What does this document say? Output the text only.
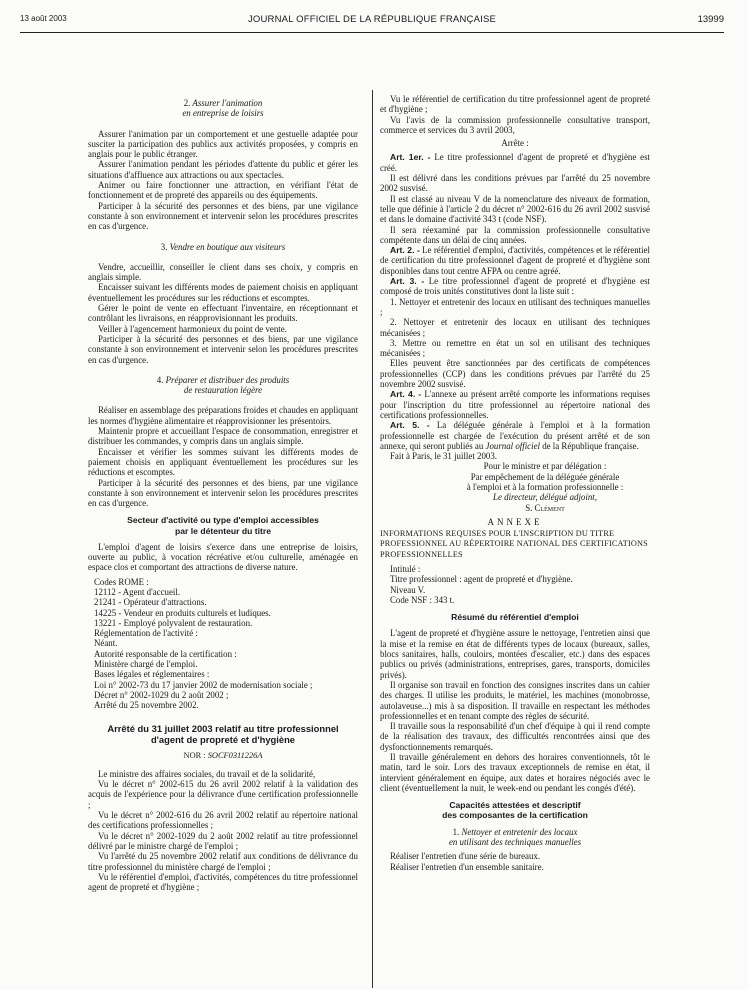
13 août 2003	JOURNAL OFFICIEL DE LA RÉPUBLIQUE FRANÇAISE	13999
2. Assurer l'animation
en entreprise de loisirs

Assurer l'animation par un comportement et une gestuelle adaptée pour susciter la participation des publics aux activités proposées, y compris en anglais pour le public étranger.

Assurer l'animation pendant les périodes d'attente du public et gérer les situations d'affluence aux attractions ou aux spectacles.

Animer ou faire fonctionner une attraction, en vérifiant l'état de fonctionnement et de propreté des appareils ou des équipements.

Participer à la sécurité des personnes et des biens, par une vigilance constante à son environnement et intervenir selon les procédures prescrites en cas d'urgence.

3. Vendre en boutique aux visiteurs

Vendre, accueillir, conseiller le client dans ses choix, y compris en anglais simple.

Encaisser suivant les différents modes de paiement choisis en appliquant éventuellement les procédures sur les réductions et escomptes.

Gérer le point de vente en effectuant l'inventaire, en réceptionnant et contrôlant les livraisons, en réapprovisionnant les produits.

Veiller à l'agencement harmonieux du point de vente.

Participer à la sécurité des personnes et des biens, par une vigilance constante à son environnement et intervenir selon les procédures prescrites en cas d'urgence.

4. Préparer et distribuer des produits
de restauration légère

Réaliser en assemblage des préparations froides et chaudes en appliquant les normes d'hygiène alimentaire et réapprovisionner les présentoirs.

Maintenir propre et accueillant l'espace de consommation, enregistrer et distribuer les commandes, y compris dans un anglais simple.

Encaisser et vérifier les sommes suivant les différents modes de paiement choisis en appliquant éventuellement les procédures sur les réductions et escomptes.

Participer à la sécurité des personnes et des biens, par une vigilance constante à son environnement et intervenir selon les procédures prescrites en cas d'urgence.

Secteur d'activité ou type d'emploi accessibles
par le détenteur du titre

L'emploi d'agent de loisirs s'exerce dans une entreprise de loisirs, ouverte au public, à vocation récréative et/ou culturelle, aménagée en espace clos et comportant des attractions de diverse nature.

Codes ROME :

12112 - Agent d'accueil.

21241 - Opérateur d'attractions.

14225 - Vendeur en produits culturels et ludiques.

13221 - Employé polyvalent de restauration.

Réglementation de l'activité :

Néant.

Autorité responsable de la certification :

Ministère chargé de l'emploi.

Bases légales et réglementaires :

Loi n° 2002-73 du 17 janvier 2002 de modernisation sociale ;

Décret n° 2002-1029 du 2 août 2002 ;

Arrêté du 25 novembre 2002.

Arrêté du 31 juillet 2003 relatif au titre professionnel
d'agent de propreté et d'hygiène
NOR : SOCF0311226A

Le ministre des affaires sociales, du travail et de la solidarité,

Vu le décret n° 2002-615 du 26 avril 2002 relatif à la validation des acquis de l'expérience pour la délivrance d'une certification professionnelle ;

Vu le décret n° 2002-616 du 26 avril 2002 relatif au répertoire national des certifications professionnelles ;

Vu le décret n° 2002-1029 du 2 août 2002 relatif au titre professionnel délivré par le ministre chargé de l'emploi ;

Vu l'arrêté du 25 novembre 2002 relatif aux conditions de délivrance du titre professionnel du ministère chargé de l'emploi ;

Vu le référentiel d'emploi, d'activités, compétences du titre professionnel agent de propreté et d'hygiène ;

Vu le référentiel de certification du titre professionnel agent de propreté et d'hygiène ;

Vu l'avis de la commission professionnelle consultative transport, commerce et services du 3 avril 2003,

Arrête :

Art. 1er. - Le titre professionnel d'agent de propreté et d'hygiène est créé.

Il est délivré dans les conditions prévues par l'arrêté du 25 novembre 2002 susvisé.

Il est classé au niveau V de la nomenclature des niveaux de formation, telle que définie à l'article 2 du décret n° 2002-616 du 26 avril 2002 susvisé et dans le domaine d'activité 343 t (code NSF).

Il sera réexaminé par la commission professionnelle consultative compétente dans un délai de cinq années.

Art. 2. - Le référentiel d'emploi, d'activités, compétences et le référentiel de certification du titre professionnel d'agent de propreté et d'hygiène sont disponibles dans tout centre AFPA ou centre agréé.

Art. 3. - Le titre professionnel d'agent de propreté et d'hygiène est composé de trois unités constitutives dont la liste suit :

1. Nettoyer et entretenir des locaux en utilisant des techniques manuelles ;

2. Nettoyer et entretenir des locaux en utilisant des techniques mécanisées ;

3. Mettre ou remettre en état un sol en utilisant des techniques mécanisées ;

Elles peuvent être sanctionnées par des certificats de compétences professionnelles (CCP) dans les conditions prévues par l'arrêté du 25 novembre 2002 susvisé.

Art. 4. - L'annexe au présent arrêté comporte les informations requises pour l'inscription du titre professionnel au répertoire national des certifications professionnelles.

Art. 5. - La déléguée générale à l'emploi et à la formation professionnelle est chargée de l'exécution du présent arrêté et de son annexe, qui seront publiés au Journal officiel de la République française.

Fait à Paris, le 31 juillet 2003.

Pour le ministre et par délégation :
Par empêchement de la déléguée générale
à l'emploi et à la formation professionnelle :
Le directeur, délégué adjoint,
S. Clément
ANNEXE

INFORMATIONS REQUISES POUR L'INSCRIPTION DU TITRE PROFESSIONNEL AU RÉPERTOIRE NATIONAL DES CERTIFICATIONS PROFESSIONNELLES

Intitulé :

Titre professionnel : agent de propreté et d'hygiène.

Niveau V.

Code NSF : 343 t.

Résumé du référentiel d'emploi

L'agent de propreté et d'hygiène assure le nettoyage, l'entretien ainsi que la mise et la remise en état de différents types de locaux (bureaux, salles, blocs sanitaires, halls, couloirs, montées d'escalier, etc.) dans des espaces publics ou privés (administrations, entreprises, gares, transports, domiciles privés).

Il organise son travail en fonction des consignes inscrites dans un cahier des charges. Il utilise les produits, le matériel, les machines (monobrosse, autolaveuse...) mis à sa disposition. Il travaille en respectant les méthodes professionnelles et en tenant compte des règles de sécurité.

Il travaille sous la responsabilité d'un chef d'équipe à qui il rend compte de la réalisation des travaux, des difficultés rencontrées ainsi que des dysfonctionnements remarqués.

Il travaille généralement en dehors des horaires conventionnels, tôt le matin, tard le soir. Lors des travaux exceptionnels de remise en état, il intervient généralement en équipe, aux dates et horaires négociés avec le client (éventuellement la nuit, le week-end ou pendant les congés d'été).

Capacités attestées et descriptif
des composantes de la certification
1. Nettoyer et entretenir des locaux
en utilisant des techniques manuelles

Réaliser l'entretien d'une série de bureaux.

Réaliser l'entretien d'un ensemble sanitaire.
